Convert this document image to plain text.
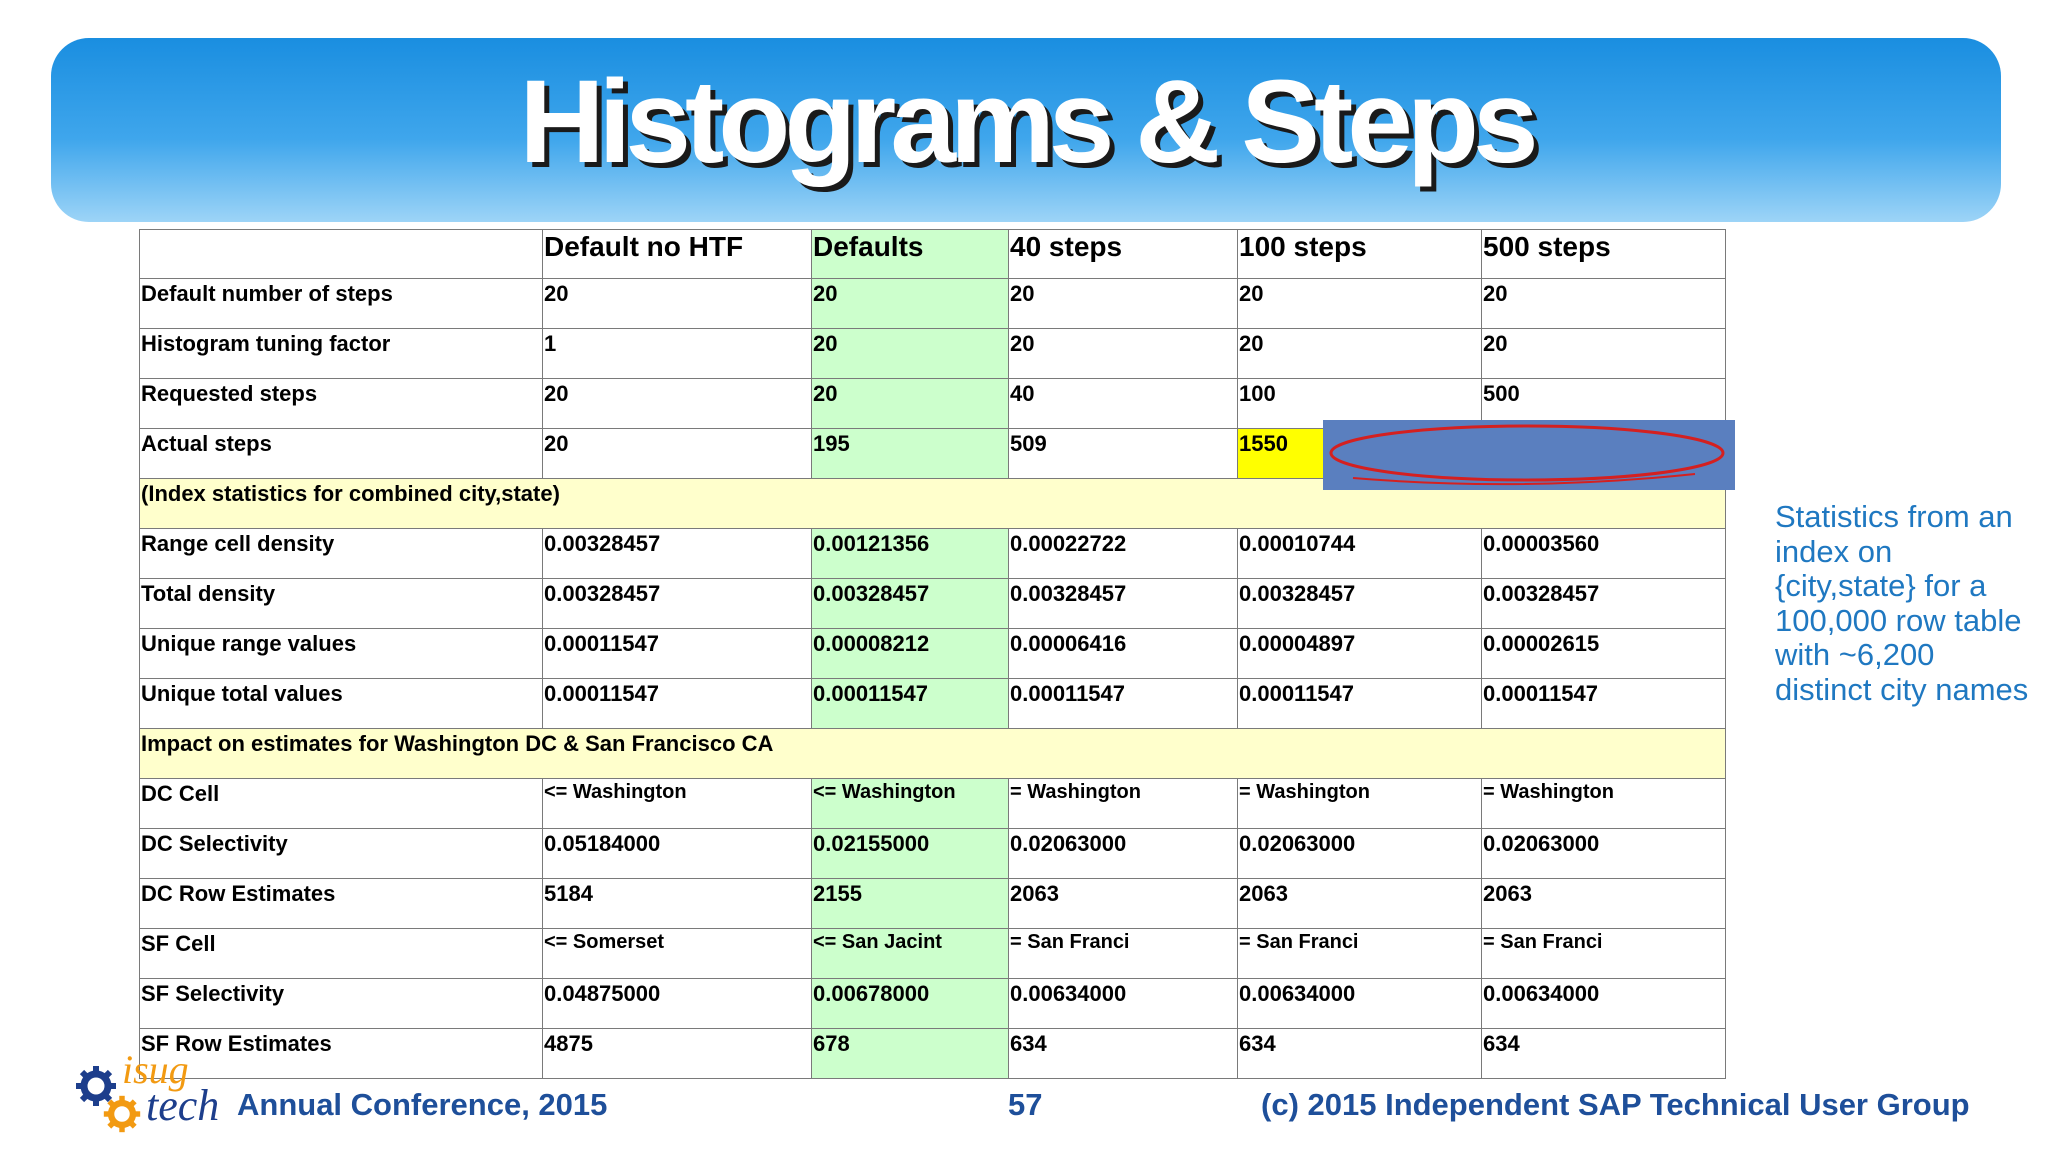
Histograms & Steps
	Default no HTF	Defaults	40 steps	100 steps	500 steps
Default number of steps	20	20	20	20	20
Histogram tuning factor	1	20	20	20	20
Requested steps	20	20	40	100	500
Actual steps	20	195	509	1550	
(Index statistics for combined city,state)					
Range cell density	0.00328457	0.00121356	0.00022722	0.00010744	0.00003560
Total density	0.00328457	0.00328457	0.00328457	0.00328457	0.00328457
Unique range values	0.00011547	0.00008212	0.00006416	0.00004897	0.00002615
Unique total values	0.00011547	0.00011547	0.00011547	0.00011547	0.00011547
Impact on estimates for Washington DC & San Francisco CA					
DC Cell	<= Washington	<= Washington	= Washington	= Washington	= Washington
DC Selectivity	0.05184000	0.02155000	0.02063000	0.02063000	0.02063000
DC Row Estimates	5184	2155	2063	2063	2063
SF Cell	<= Somerset	<= San Jacint	= San Franci	= San Franci	= San Franci
SF Selectivity	0.04875000	0.00678000	0.00634000	0.00634000	0.00634000
SF Row Estimates	4875	678	634	634	634
Statistics from an index on {city,state} for a 100,000 row table with ~6,200 distinct city names
isug
tech Annual Conference, 2015	57	(c) 2015 Independent SAP Technical User Group
